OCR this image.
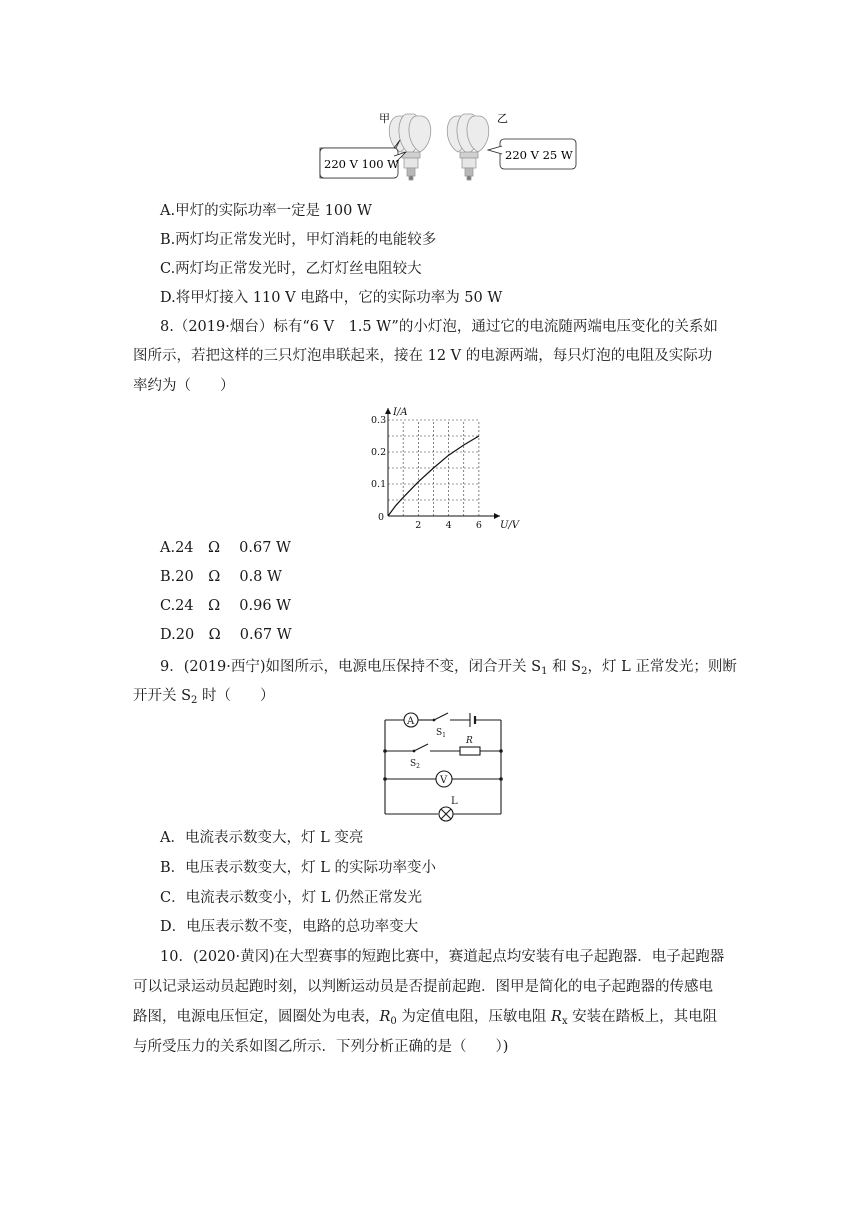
甲	乙
220 V 100 W
220 V 25 W
A.甲灯的实际功率一定是 100 W
B.两灯均正常发光时，甲灯消耗的电能较多
C.两灯均正常发光时，乙灯灯丝电阻较大
D.将甲灯接入 110 V 电路中，它的实际功率为 50 W
8.（2019·烟台）标有“6 V　1.5 W”的小灯泡，通过它的电流随两端电压变化的关系如
图所示，若把这样的三只灯泡串联起来，接在 12 V 的电源两端，每只灯泡的电阻及实际功
率约为（　　）
2	4	6
0.1
0.2
0.3
0
I/A
U/V
A.24　Ω　 0.67 W
B.20　Ω　 0.8 W
C.24　Ω　 0.96 W
D.20　Ω　 0.67 W
9．(2019·西宁)如图所示，电源电压保持不变，闭合开关 $S_1$ 和 $S_2$，灯 L 正常发光；则断
开开关 $S_2$ 时（　　）
A
V
$S_1$
$S_2$
R
L
A．电流表示数变大，灯 L 变亮
B．电压表示数变大，灯 L 的实际功率变小
C．电流表示数变小，灯 L 仍然正常发光
D．电压表示数不变，电路的总功率变大
10．(2020·黄冈)在大型赛事的短跑比赛中，赛道起点均安装有电子起跑器．电子起跑器
可以记录运动员起跑时刻，以判断运动员是否提前起跑．图甲是简化的电子起跑器的传感电
路图，电源电压恒定，圆圈处为电表，$R_0$ 为定值电阻，压敏电阻 $R_x$ 安装在踏板上，其电阻
与所受压力的关系如图乙所示．下列分析正确的是（　　）)
